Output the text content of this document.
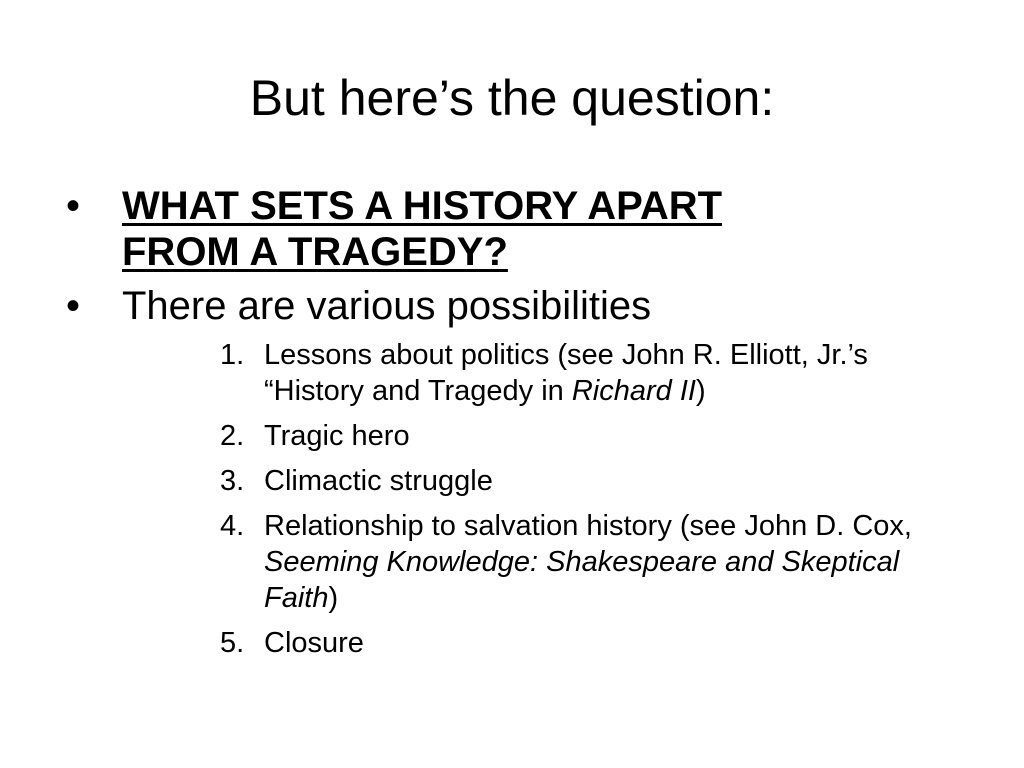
But here’s the question:
•	WHAT SETS A HISTORY APART
FROM A TRAGEDY?
•	There are various possibilities
1. Lessons about politics (see John R. Elliott, Jr.’s “History and Tragedy in Richard II)
2. Tragic hero
3. Climactic struggle
4. Relationship to salvation history (see John D. Cox, Seeming Knowledge: Shakespeare and Skeptical Faith)
5. Closure
